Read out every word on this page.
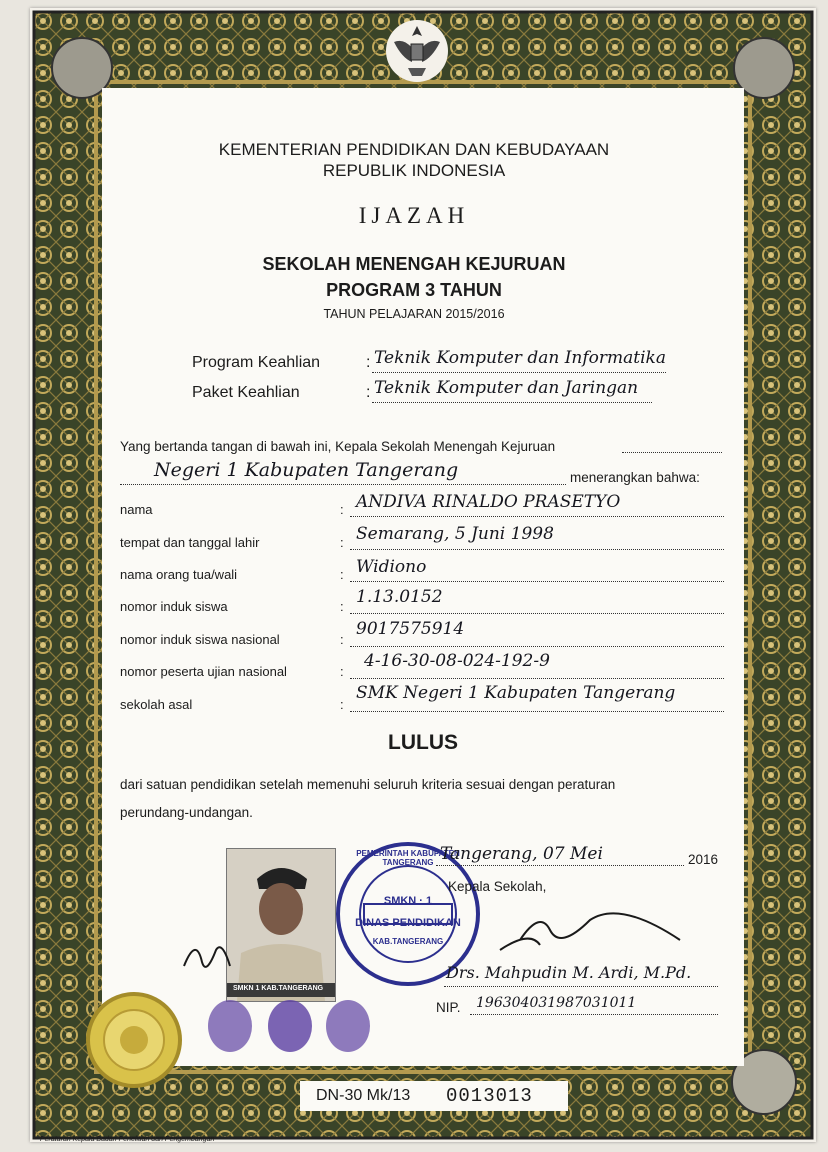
KEMENTERIAN PENDIDIKAN DAN KEBUDAYAAN
REPUBLIK INDONESIA
IJAZAH
SEKOLAH MENENGAH KEJURUAN
PROGRAM 3 TAHUN
TAHUN PELAJARAN 2015/2016
Program Keahlian	: Teknik Komputer dan Informatika
Paket Keahlian	: Teknik Komputer dan Jaringan
Yang bertanda tangan di bawah ini, Kepala Sekolah Menengah Kejuruan
Negeri 1 Kabupaten Tangerang	menerangkan bahwa:
nama	: ANDIVA RINALDO PRASETYO
tempat dan tanggal lahir	: Semarang, 5 Juni 1998
nama orang tua/wali	: Widiono
nomor induk siswa	: 1.13.0152
nomor induk siswa nasional	:
9017575914
nomor peserta ujian nasional	:
4-16-30-08-024-192-9
sekolah asal	:
SMK Negeri 1 Kabupaten Tangerang
LULUS
dari satuan pendidikan setelah memenuhi seluruh kriteria sesuai dengan peraturan
perundang-undangan.
SMKN 1 KAB.TANGERANG
PEMERINTAH KABUPATEN TANGERANG
SMKN · 1
DINAS PENDIDIKAN
KAB.TANGERANG
Tangerang, 07 Mei	2016
Kepala Sekolah,
Drs. Mahpudin M. Ardi, M.Pd.
NIP. 196304031987031011
DN-30 Mk/13 0013013
Peraturan Kepala Badan Penelitian dan Pengembangan
